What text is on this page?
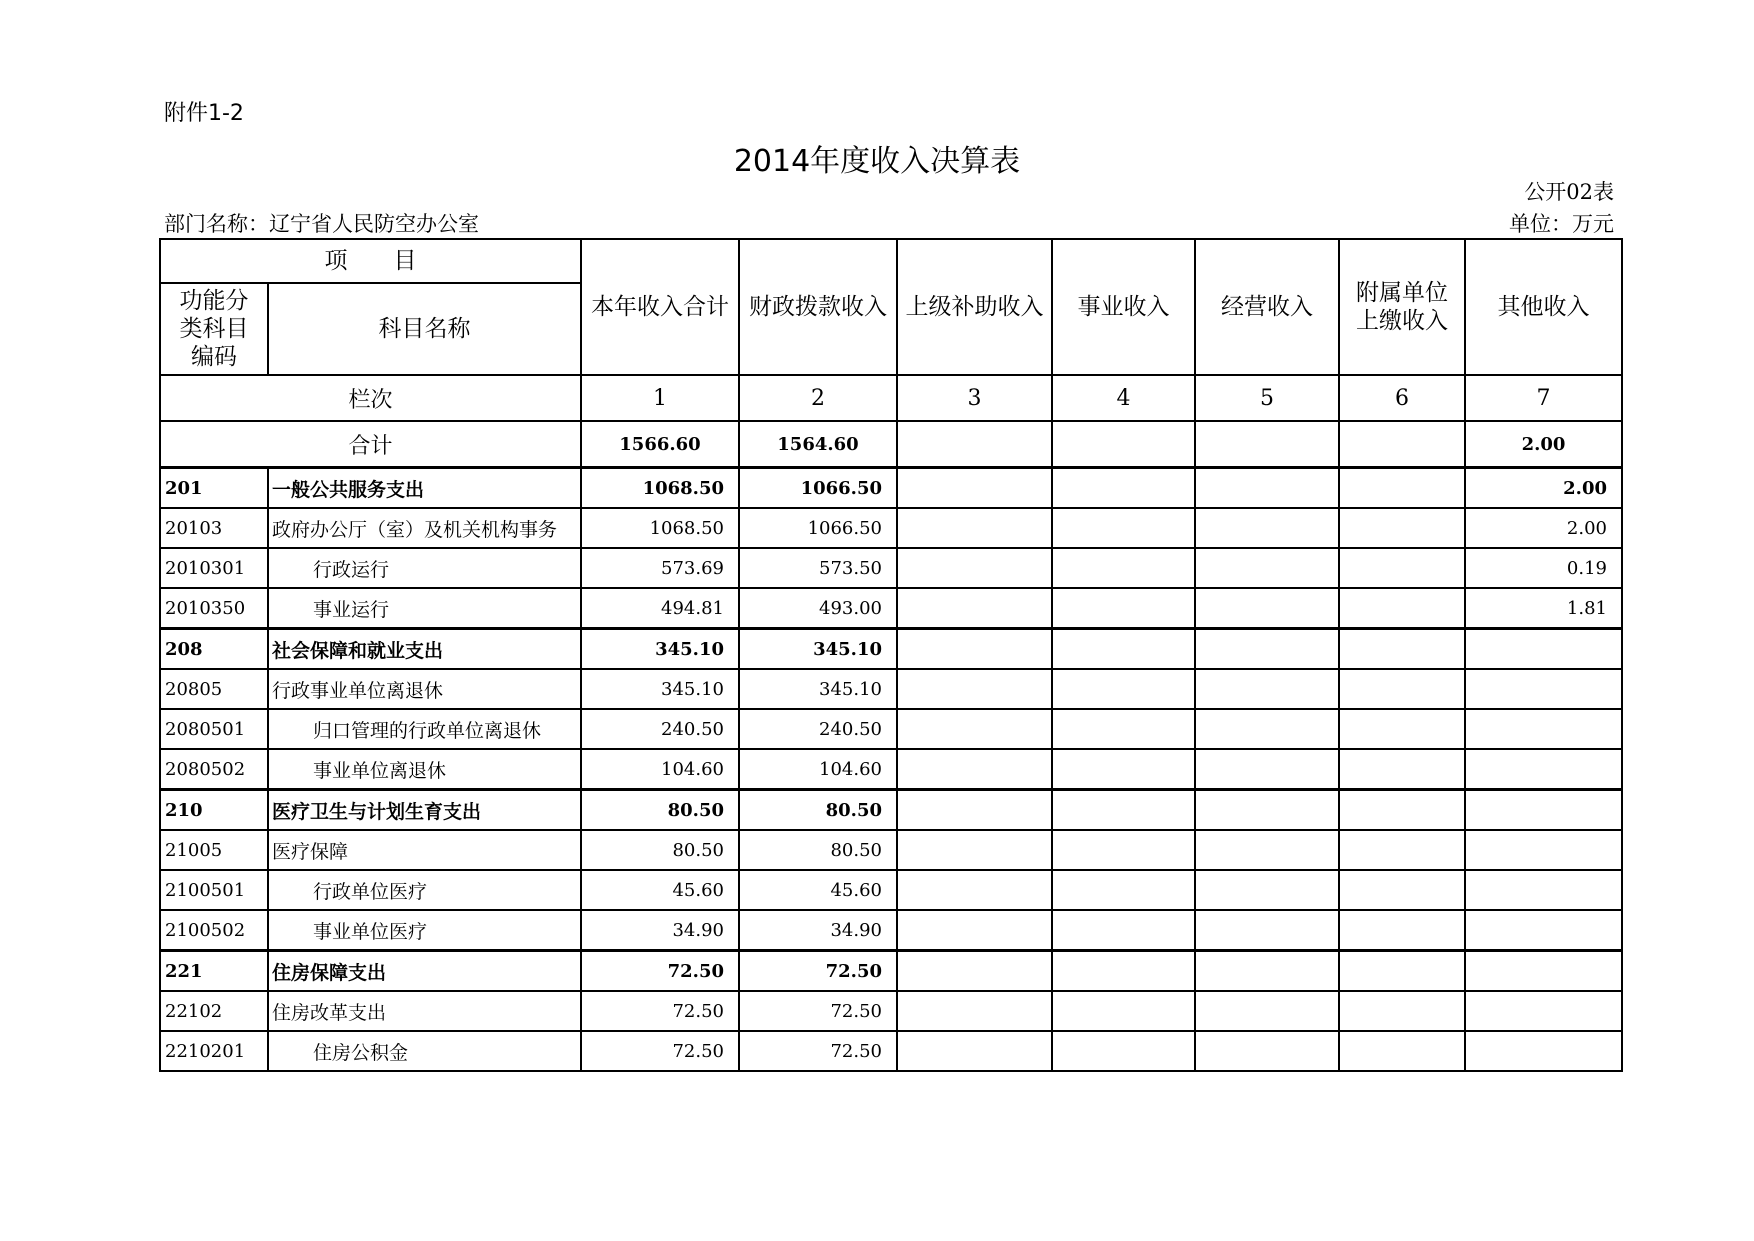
附件1-2
2014年度收入决算表
公开02表
部门名称：辽宁省人民防空办公室	单位：万元
项　　目		本年收入合计	财政拨款收入	上级补助收入	事业收入	经营收入	附属单位上缴收入	其他收入
功能分类科目编码	科目名称							
栏次		1	2	3	4	5	6	7
合计		1566.60	1564.60					2.00
201	一般公共服务支出	1068.50	1066.50					2.00
20103	政府办公厅（室）及机关机构事务	1068.50	1066.50					2.00
2010301	行政运行	573.69	573.50					0.19
2010350	事业运行	494.81	493.00					1.81
208	社会保障和就业支出	345.10	345.10					
20805	行政事业单位离退休	345.10	345.10					
2080501	归口管理的行政单位离退休	240.50	240.50					
2080502	事业单位离退休	104.60	104.60					
210	医疗卫生与计划生育支出	80.50	80.50					
21005	医疗保障	80.50	80.50					
2100501	行政单位医疗	45.60	45.60					
2100502	事业单位医疗	34.90	34.90					
221	住房保障支出	72.50	72.50					
22102	住房改革支出	72.50	72.50					
2210201	住房公积金	72.50	72.50					
